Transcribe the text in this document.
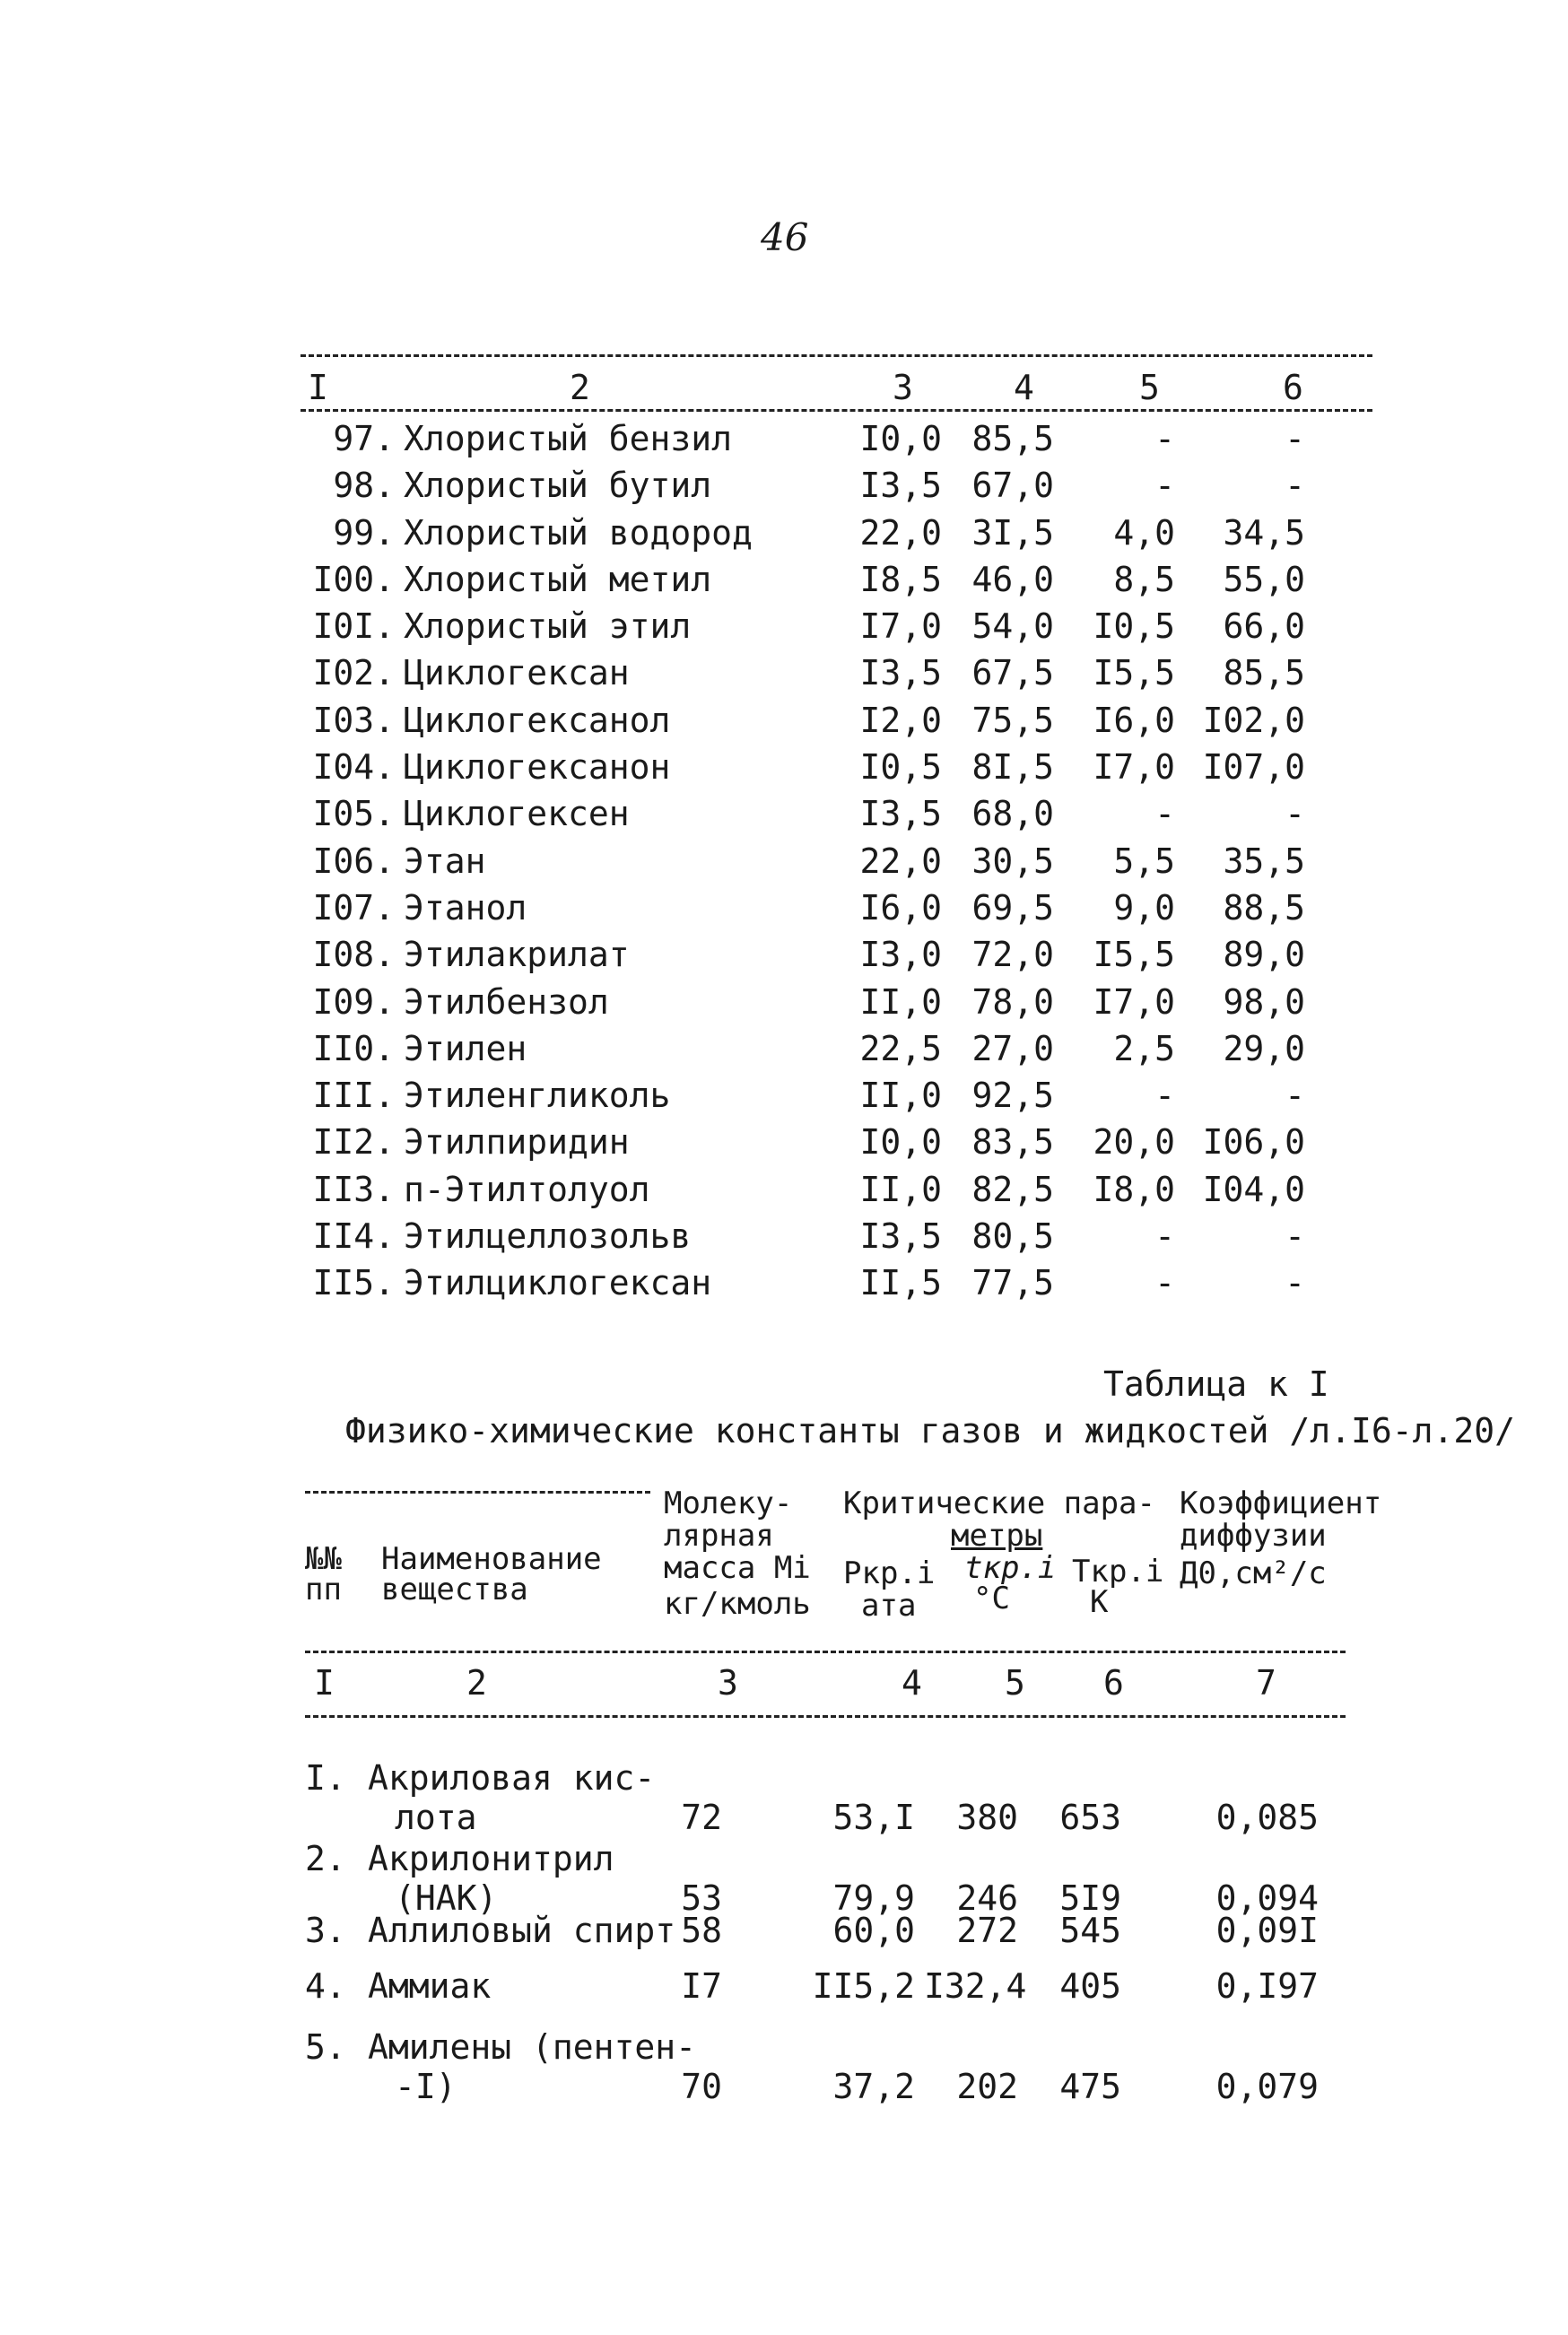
46
I	2	3	4	5	6
97. Хлористый бензил	I0,0 85,5	-	-
98. Хлористый бутил	I3,5 67,0	-	-
99. Хлористый водород	22,0 3I,5	4,0	34,5
I00. Хлористый метил	I8,5 46,0	8,5	55,0
I0I. Хлористый этил	I7,0 54,0	I0,5	66,0
I02. Циклогексан	I3,5 67,5	I5,5	85,5
I03. Циклогексанол	I2,0 75,5	I6,0 I02,0
I04. Циклогексанон	I0,5 8I,5	I7,0 I07,0
I05. Циклогексен	I3,5 68,0	-	-
I06. Этан	22,0 30,5	5,5	35,5
I07. Этанол	I6,0 69,5	9,0	88,5
I08. Этилакрилат	I3,0 72,0	I5,5	89,0
I09. Этилбензол	II,0 78,0	I7,0	98,0
II0. Этилен	22,5 27,0	2,5	29,0
III. Этиленгликоль	II,0 92,5	-	-
II2. Этилпиридин	I0,0 83,5	20,0 I06,0
II3. п-Этилтолуол	II,0 82,5	I8,0 I04,0
II4. Этилцеллозольв	I3,5 80,5	-	-
II5. Этилциклогексан	II,5 77,5	-	-
Таблица к I
Физико-химические константы газов и жидкостей /л.I6-л.20/
№№
пп
Наименование
вещества
Молеку-
лярная
масса Mi
кг/кмоль
Критические пара-
метры
Pкр.i
ата
tкр.i
°C
Tкр.i
K
Коэффициент
диффузии
Д0,см²/с
I	2	3	4 5 6	7
I. Акриловая кис-
лота	72	53,I	380	653	0,085
2. Акрилонитрил
(НАК)	53	79,9	246	5I9	0,094
3. Аллиловый спирт 58	60,0	272	545	0,09I
4. Аммиак	I7	II5,2 I32,4 405	0,I97
5. Амилены (пентен-
-I)	70	37,2	202	475	0,079
